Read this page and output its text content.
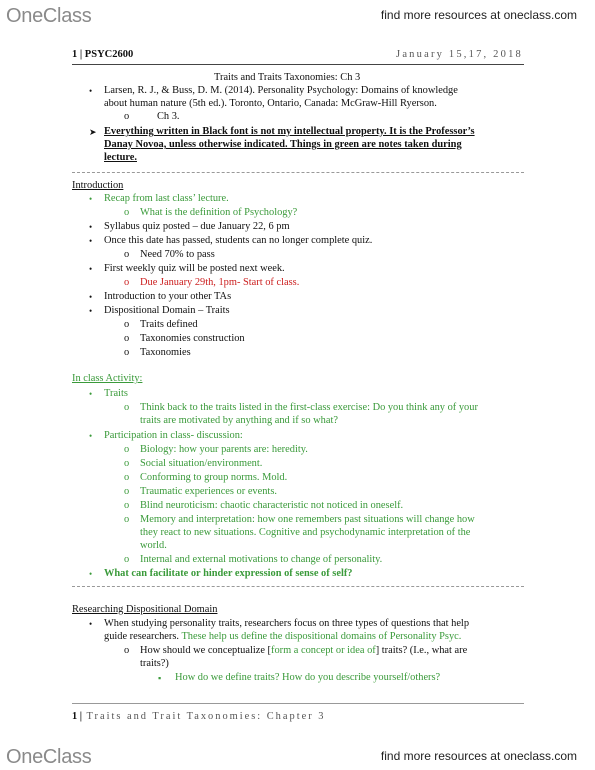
OneClass	find more resources at oneclass.com
1 | PSYC2600	January 15,17, 2018
Traits and Traits Taxonomies: Ch 3
• Larsen, R. J., & Buss, D. M. (2014). Personality Psychology: Domains of knowledge
about human nature (5th ed.). Toronto, Ontario, Canada: McGraw-Hill Ryerson.
o	Ch 3.
➤ Everything written in Black font is not my intellectual property. It is the Professor’s
Danay Novoa, unless otherwise indicated. Things in green are notes taken during
lecture.
Introduction
• Recap from last class’ lecture.
o What is the definition of Psychology?
• Syllabus quiz posted – due January 22, 6 pm
• Once this date has passed, students can no longer complete quiz.
o Need 70% to pass
• First weekly quiz will be posted next week.
o Due January 29th, 1pm- Start of class.
• Introduction to your other TAs
• Dispositional Domain – Traits
o Traits defined
o Taxonomies construction
o Taxonomies
In class Activity:
• Traits
o Think back to the traits listed in the first-class exercise: Do you think any of your
traits are motivated by anything and if so what?
• Participation in class- discussion:
o Biology: how your parents are: heredity.
o Social situation/environment.
o Conforming to group norms. Mold.
o Traumatic experiences or events.
o Blind neuroticism: chaotic characteristic not noticed in oneself.
o Memory and interpretation: how one remembers past situations will change how
they react to new situations. Cognitive and psychodynamic interpretation of the
world.
o Internal and external motivations to change of personality.
• What can facilitate or hinder expression of sense of self?
Researching Dispositional Domain
• When studying personality traits, researchers focus on three types of questions that help
guide researchers. These help us define the dispositional domains of Personality Psyc.
o How should we conceptualize [form a concept or idea of] traits? (I.e., what are
traits?)
▪ How do we define traits? How do you describe yourself/others?
1 | Traits and Trait Taxonomies: Chapter 3
OneClass	find more resources at oneclass.com
